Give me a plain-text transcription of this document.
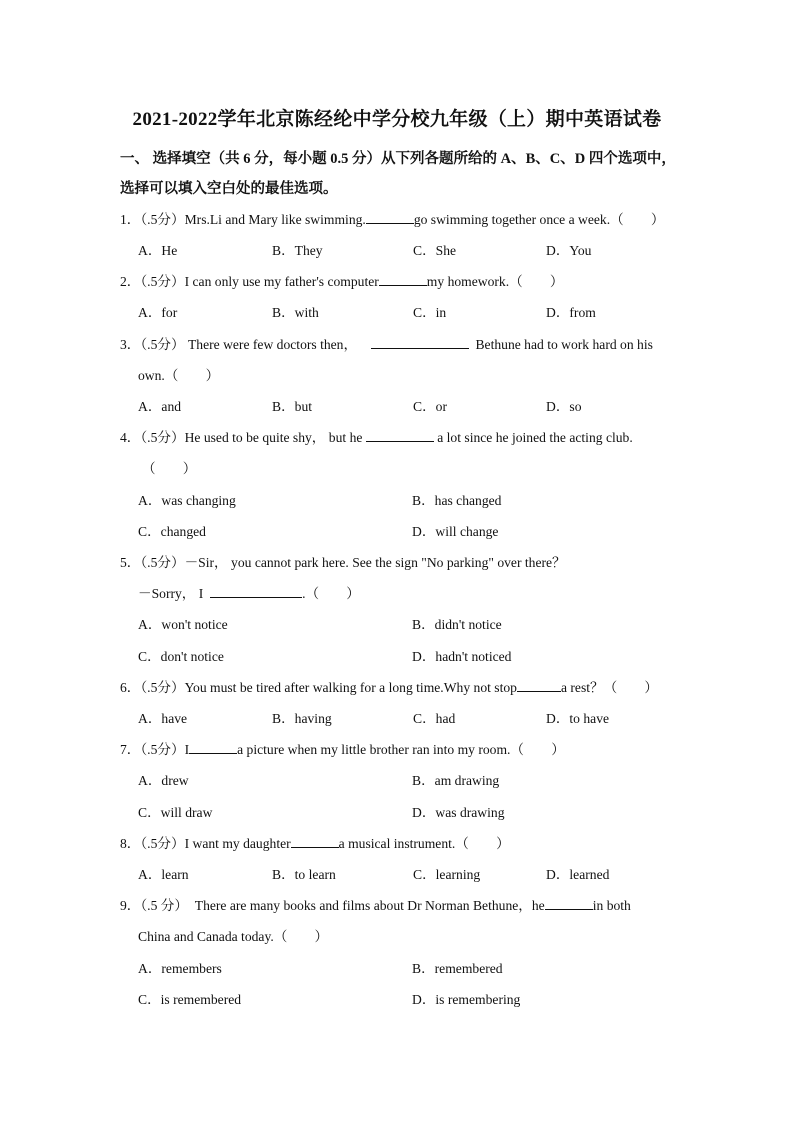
2021-2022学年北京陈经纶中学分校九年级（上）期中英语试卷
一、 选择填空（共 6 分，每小题 0.5 分）从下列各题所给的 A、B、C、D 四个选项中，
选择可以填入空白处的最佳选项。
1．（.5分）Mrs.Li and Mary like swimming.	go swimming together once a week.（　　）
A．He	B．They	C．She	D．You
2．（.5分）I can only use my father's computer	my homework.（　　）
A．for	B．with	C．in	D．from
3．（.5分） There were few doctors then，	Bethune had to work hard on his
own.（　　）
A．and	B．but	C．or	D．so
4．（.5分）He used to be quite shy， but he	a lot since he joined the acting club.
（　　）
A．was changing	B．has changed
C．changed	D．will change
5．（.5分）－Sir， you cannot park here. See the sign "No parking" over there？
－Sorry， I	.（　　）
A．won't notice	B．didn't notice
C．don't notice	D．hadn't noticed
6．（.5分）You must be tired after walking for a long time.Why not stop	a rest？（　　）
A．have	B．having	C．had	D．to have
7．（.5分）I	a picture when my little brother ran into my room.（　　）
A．drew	B．am drawing
C．will draw	D．was drawing
8．（.5分）I want my daughter	a musical instrument.（　　）
A．learn	B．to learn	C．learning	D．learned
9．（.5 分） There are many books and films about Dr Norman Bethune，he	in both
China and Canada today.（　　）
A．remembers	B．remembered
C．is remembered	D．is remembering
